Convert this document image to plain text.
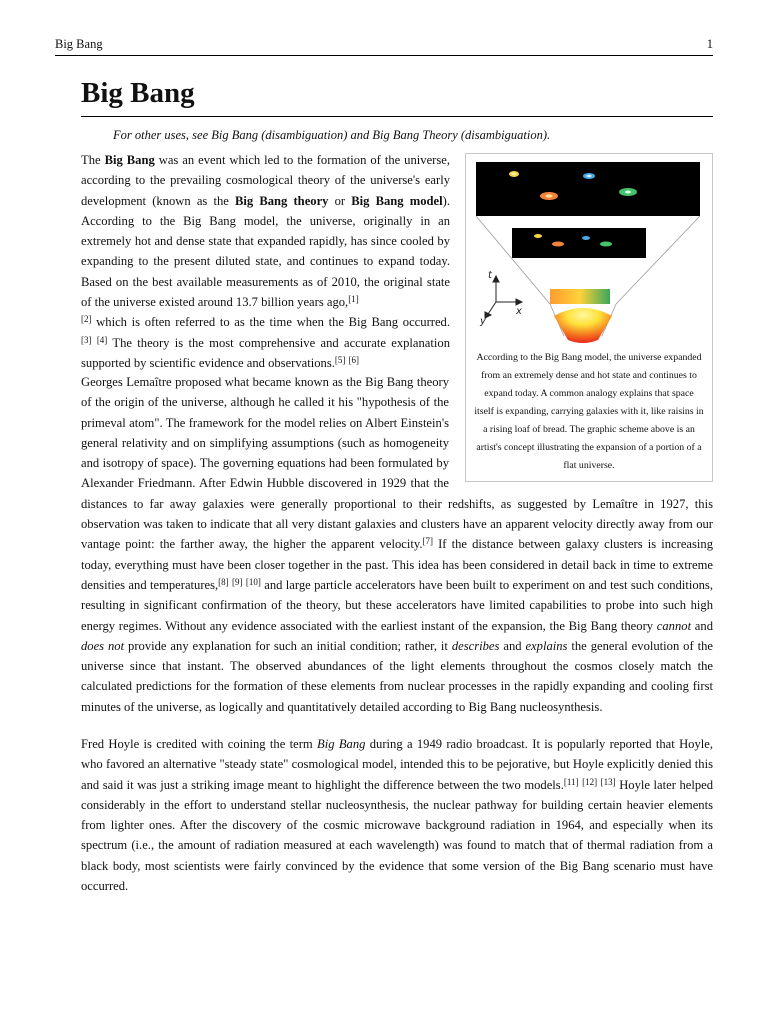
Big Bang	1
Big Bang
For other uses, see Big Bang (disambiguation) and Big Bang Theory (disambiguation).
The Big Bang was an event which led to the formation of the universe, according to the prevailing cosmological theory of the universe's early development (known as the Big Bang theory or Big Bang model). According to the Big Bang model, the universe, originally in an extremely hot and dense state that expanded rapidly, has since cooled by expanding to the present diluted state, and continues to expand today. Based on the best available measurements as of 2010, the original state of the universe existed around 13.7 billion years ago,[1]
[2] which is often referred to as the time when the Big Bang occurred.[3] [4] The theory is the most comprehensive and accurate explanation supported by scientific evidence and observations.[5] [6]
Georges Lemaître proposed what became known as the Big Bang theory of the origin of the universe, although he called it his "hypothesis of the primeval atom". The framework for the model relies on Albert Einstein's general relativity and on simplifying assumptions (such as homogeneity and isotropy of space). The governing equations had been formulated by Alexander Friedmann. After Edwin Hubble discovered in 1929 that the distances to far away galaxies were generally proportional to their redshifts, as suggested by Lemaître in 1927, this observation was taken to indicate that all very distant galaxies and clusters have an apparent velocity directly away from our vantage point: the farther away, the higher the apparent velocity.[7] If the distance between galaxy clusters is increasing today, everything must have been closer together in the past. This idea has been considered in detail back in time to extreme densities and temperatures,[8] [9] [10] and large particle accelerators have been built to experiment on and test such conditions, resulting in significant confirmation of the theory, but these accelerators have limited capabilities to probe into such high energy regimes. Without any evidence associated with the earliest instant of the expansion, the Big Bang theory cannot and does not provide any explanation for such an initial condition; rather, it describes and explains the general evolution of the universe since that instant. The observed abundances of the light elements throughout the cosmos closely match the calculated predictions for the formation of these elements from nuclear processes in the rapidly expanding and cooling first minutes of the universe, as logically and quantitatively detailed according to Big Bang nucleosynthesis.
Fred Hoyle is credited with coining the term Big Bang during a 1949 radio broadcast. It is popularly reported that Hoyle, who favored an alternative "steady state" cosmological model, intended this to be pejorative, but Hoyle explicitly denied this and said it was just a striking image meant to highlight the difference between the two models.[11] [12] [13] Hoyle later helped considerably in the effort to understand stellar nucleosynthesis, the nuclear pathway for building certain heavier elements from lighter ones. After the discovery of the cosmic microwave background radiation in 1964, and especially when its spectrum (i.e., the amount of radiation measured at each wavelength) was found to match that of thermal radiation from a black body, most scientists were fairly convinced by the evidence that some version of the Big Bang scenario must have occurred.
t
x
y
According to the Big Bang model, the universe expanded from an extremely dense and hot state and continues to expand today. A common analogy explains that space itself is expanding, carrying galaxies with it, like raisins in a rising loaf of bread. The graphic scheme above is an artist's concept illustrating the expansion of a portion of a flat universe.
